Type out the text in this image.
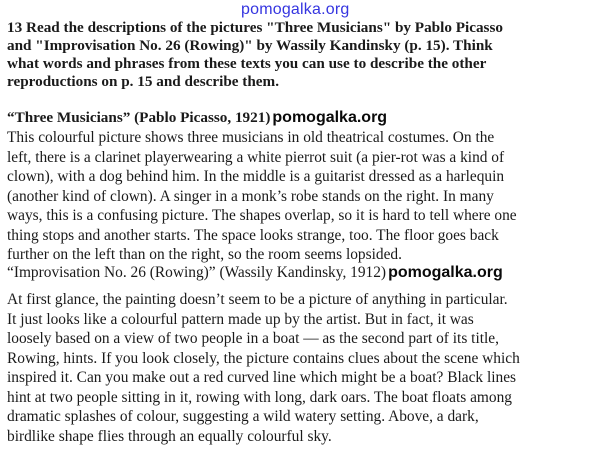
pomogalka.org
13 Read the descriptions of the pictures "Three Musicians" by Pablo Picasso
and "Improvisation No. 26 (Rowing)" by Wassily Kandinsky (p. 15). Think
what words and phrases from these texts you can use to describe the other
reproductions on p. 15 and describe them.
“Three Musicians” (Pablo Picasso, 1921) pomogalka.org
This colourful picture shows three musicians in old theatrical costumes. On the
left, there is a clarinet playerwearing a white pierrot suit (a pier-rot was a kind of
clown), with a dog behind him. In the middle is a guitarist dressed as a harlequin
(another kind of clown). A singer in a monk’s robe stands on the right. In many
ways, this is a confusing picture. The shapes overlap, so it is hard to tell where one
thing stops and another starts. The space looks strange, too. The floor goes back
further on the left than on the right, so the room seems lopsided.
“Improvisation No. 26 (Rowing)” (Wassily Kandinsky, 1912) pomogalka.org
At first glance, the painting doesn’t seem to be a picture of anything in particular.
It just looks like a colourful pattern made up by the artist. But in fact, it was
loosely based on a view of two people in a boat — as the second part of its title,
Rowing, hints. If you look closely, the picture contains clues about the scene which
inspired it. Can you make out a red curved line which might be a boat? Black lines
hint at two people sitting in it, rowing with long, dark oars. The boat floats among
dramatic splashes of colour, suggesting a wild watery setting. Above, a dark,
birdlike shape flies through an equally colourful sky.
